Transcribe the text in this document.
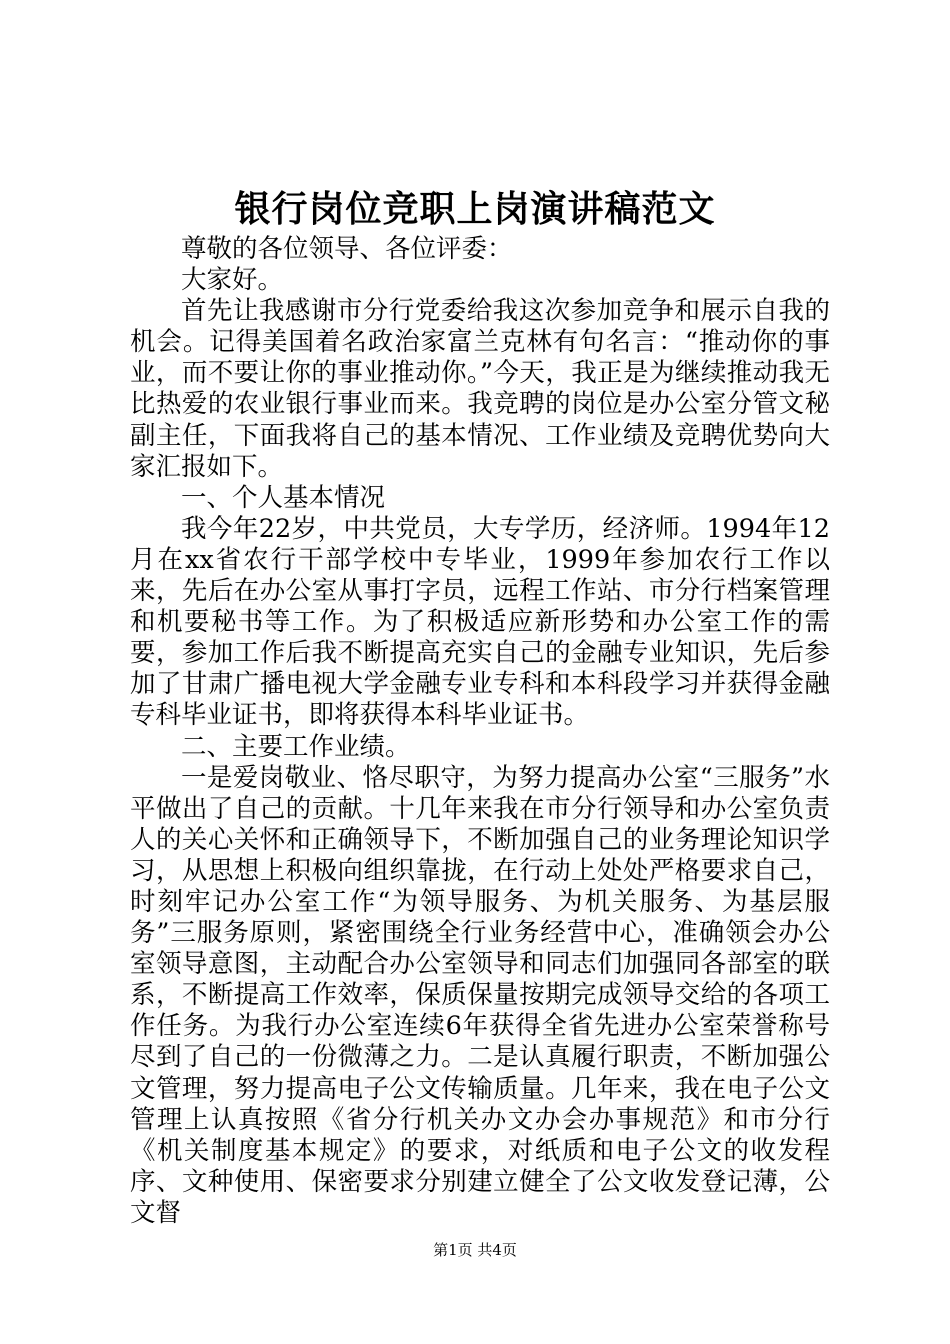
银行岗位竞职上岗演讲稿范文

尊敬的各位领导、各位评委：

大家好。

首先让我感谢市分行党委给我这次参加竞争和展示自我的机会。记得美国着名政治家富兰克林有句名言：“推动你的事业，而不要让你的事业推动你。”今天，我正是为继续推动我无比热爱的农业银行事业而来。我竞聘的岗位是办公室分管文秘副主任，下面我将自己的基本情况、工作业绩及竞聘优势向大家汇报如下。

一、个人基本情况

我今年22岁，中共党员，大专学历，经济师。1994年12月在xx省农行干部学校中专毕业，1999年参加农行工作以来，先后在办公室从事打字员，远程工作站、市分行档案管理和机要秘书等工作。为了积极适应新形势和办公室工作的需要，参加工作后我不断提高充实自己的金融专业知识，先后参加了甘肃广播电视大学金融专业专科和本科段学习并获得金融专科毕业证书，即将获得本科毕业证书。

二、主要工作业绩。

一是爱岗敬业、恪尽职守，为努力提高办公室“三服务”水平做出了自己的贡献。十几年来我在市分行领导和办公室负责人的关心关怀和正确领导下，不断加强自己的业务理论知识学习，从思想上积极向组织靠拢，在行动上处处严格要求自己，时刻牢记办公室工作“为领导服务、为机关服务、为基层服务”三服务原则，紧密围绕全行业务经营中心，准确领会办公室领导意图，主动配合办公室领导和同志们加强同各部室的联系，不断提高工作效率，保质保量按期完成领导交给的各项工作任务。为我行办公室连续6年获得全省先进办公室荣誉称号尽到了自己的一份微薄之力。二是认真履行职责，不断加强公文管理，努力提高电子公文传输质量。几年来，我在电子公文管理上认真按照《省分行机关办文办会办事规范》和市分行《机关制度基本规定》的要求，对纸质和电子公文的收发程序、文种使用、保密要求分别建立健全了公文收发登记薄，公文督

第1页 共4页
